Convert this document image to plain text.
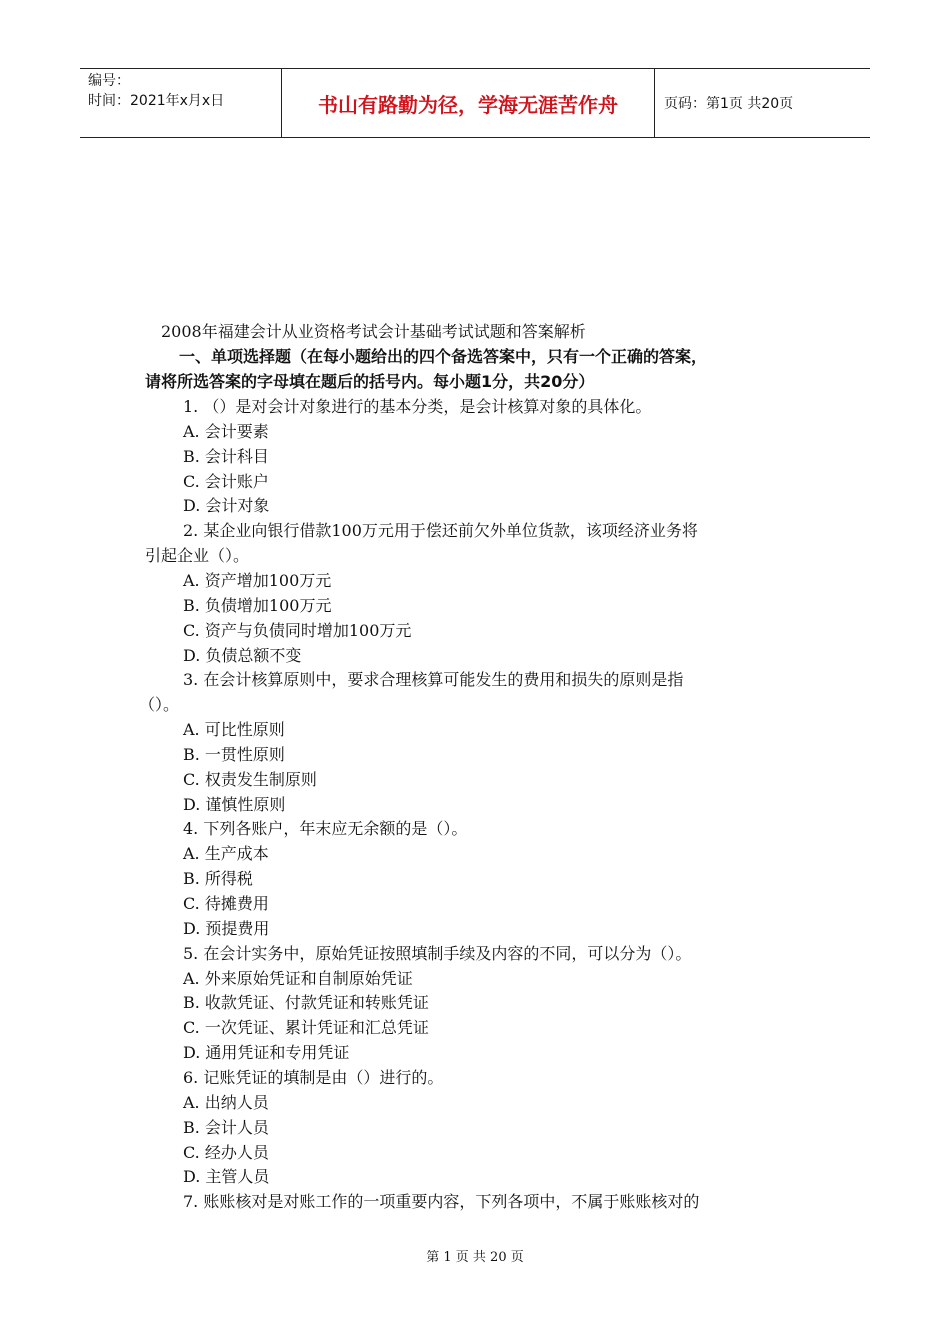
编号：
时间：2021年x月x日	书山有路勤为径，学海无涯苦作舟	页码：第1页 共20页
2008年福建会计从业资格考试会计基础考试试题和答案解析
一、单项选择题（在每小题给出的四个备选答案中，只有一个正确的答案，
请将所选答案的字母填在题后的括号内。每小题1分，共20分）
1. （）是对会计对象进行的基本分类，是会计核算对象的具体化。
A. 会计要素
B. 会计科目
C. 会计账户
D. 会计对象
2. 某企业向银行借款100万元用于偿还前欠外单位货款，该项经济业务将
引起企业（）。
A. 资产增加100万元
B. 负债增加100万元
C. 资产与负债同时增加100万元
D. 负债总额不变
3. 在会计核算原则中，要求合理核算可能发生的费用和损失的原则是指
（）。
A. 可比性原则
B. 一贯性原则
C. 权责发生制原则
D. 谨慎性原则
4. 下列各账户，年末应无余额的是（）。
A. 生产成本
B. 所得税
C. 待摊费用
D. 预提费用
5. 在会计实务中，原始凭证按照填制手续及内容的不同，可以分为（）。
A. 外来原始凭证和自制原始凭证
B. 收款凭证、付款凭证和转账凭证
C. 一次凭证、累计凭证和汇总凭证
D. 通用凭证和专用凭证
6. 记账凭证的填制是由（）进行的。
A. 出纳人员
B. 会计人员
C. 经办人员
D. 主管人员
7. 账账核对是对账工作的一项重要内容，下列各项中，不属于账账核对的
第 1 页 共 20 页
